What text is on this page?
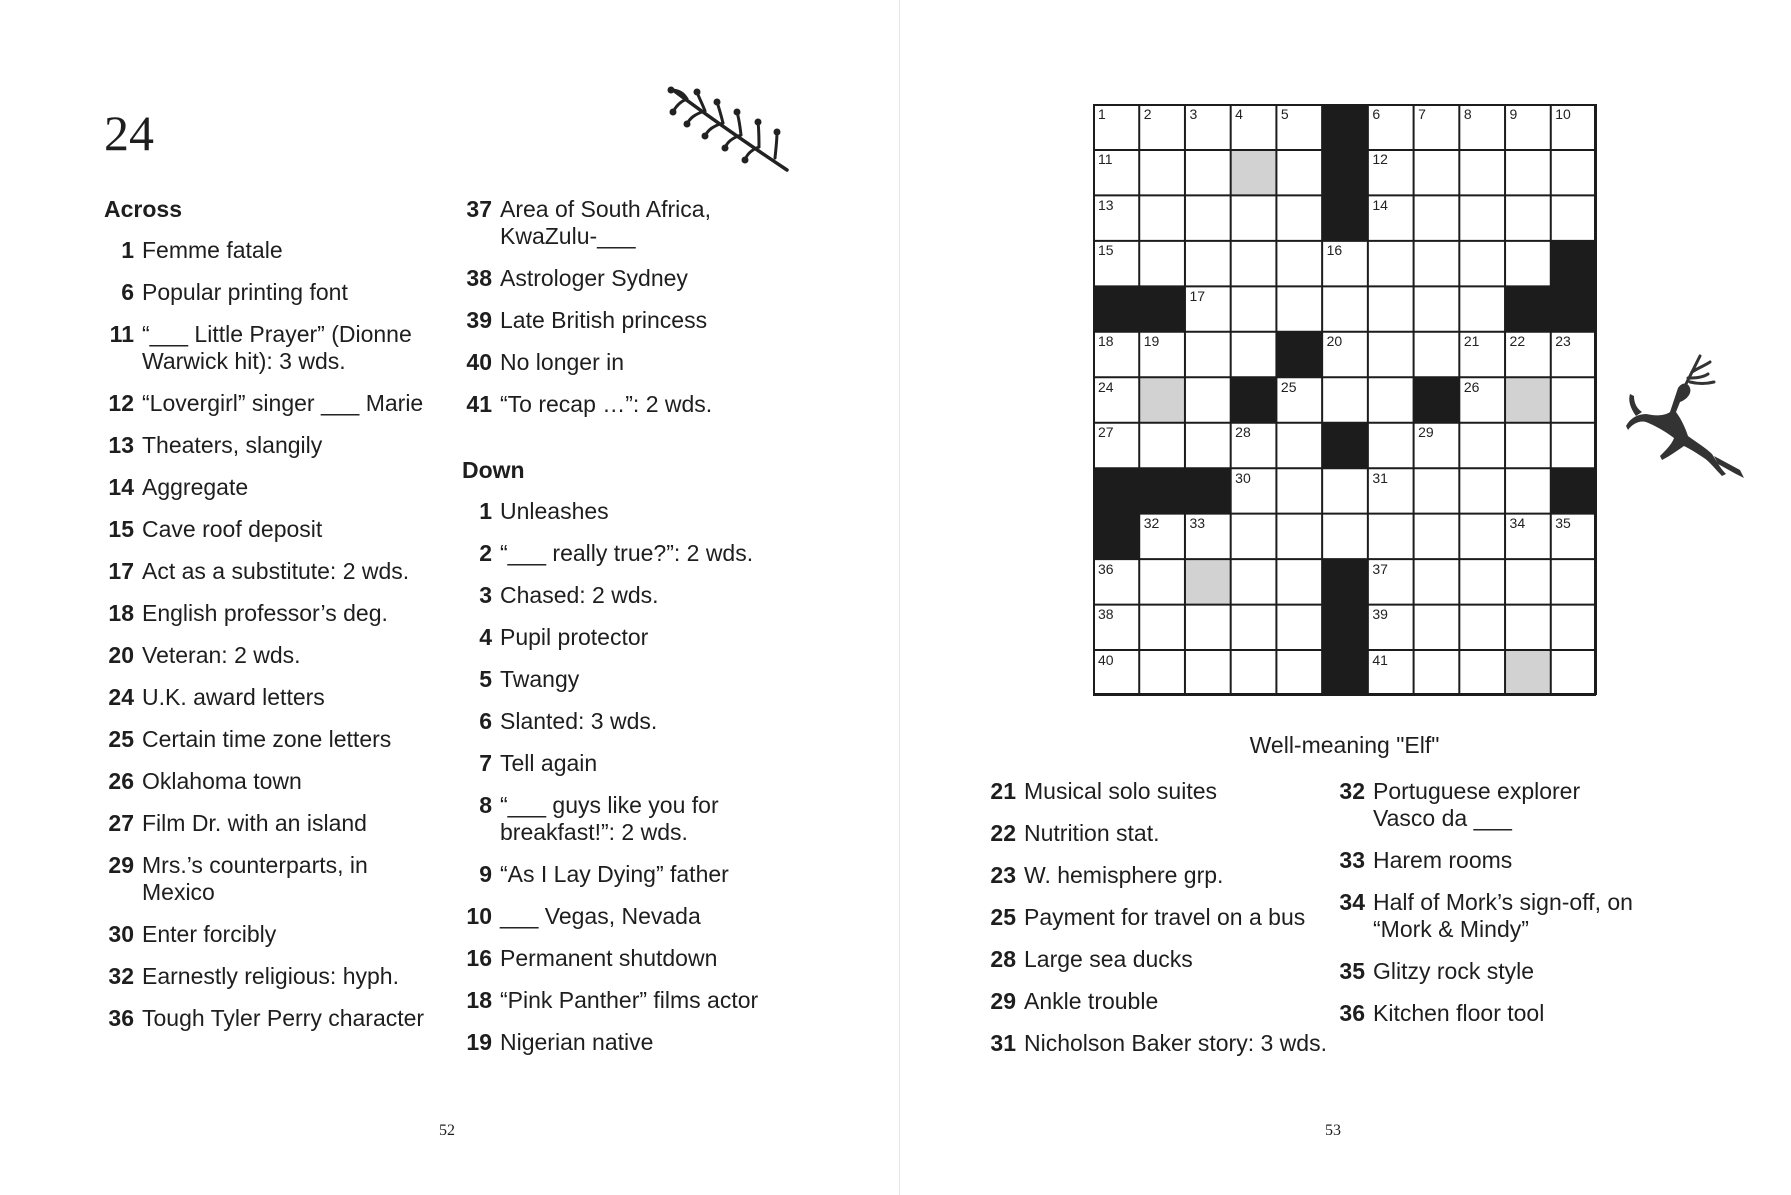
24
Across
1 Femme fatale
6 Popular printing font
11 “___ Little Prayer” (Dionne Warwick hit): 3 wds.
12 “Lovergirl” singer ___ Marie
13 Theaters, slangily
14 Aggregate
15 Cave roof deposit
17 Act as a substitute: 2 wds.
18 English professor’s deg.
20 Veteran: 2 wds.
24 U.K. award letters
25 Certain time zone letters
26 Oklahoma town
27 Film Dr. with an island
29 Mrs.’s counterparts, in Mexico
30 Enter forcibly
32 Earnestly religious: hyph.
36 Tough Tyler Perry character
37 Area of South Africa, KwaZulu-___
38 Astrologer Sydney
39 Late British princess
40 No longer in
41 “To recap …”: 2 wds.
Down
1 Unleashes
2 “___ really true?”: 2 wds.
3 Chased: 2 wds.
4 Pupil protector
5 Twangy
6 Slanted: 3 wds.
7 Tell again
8 “___ guys like you for breakfast!”: 2 wds.
9 “As I Lay Dying” father
10 ___ Vegas, Nevada
16 Permanent shutdown
18 “Pink Panther” films actor
19 Nigerian native
52
1	2	3	4	5	6	7	8	9	10
11	12
13	14
15	16
17
18 19	20	21 22 23
24	25	26
27	28	29
30	31
32 33	34 35
36	37
38	39
40	41
Well-meaning "Elf"
21 Musical solo suites
22 Nutrition stat.
23 W. hemisphere grp.
25 Payment for travel on a bus
28 Large sea ducks
29 Ankle trouble
31 Nicholson Baker story: 3 wds.
32 Portuguese explorer Vasco da ___
33 Harem rooms
34 Half of Mork’s sign-off, on “Mork & Mindy”
35 Glitzy rock style
36 Kitchen floor tool
53
